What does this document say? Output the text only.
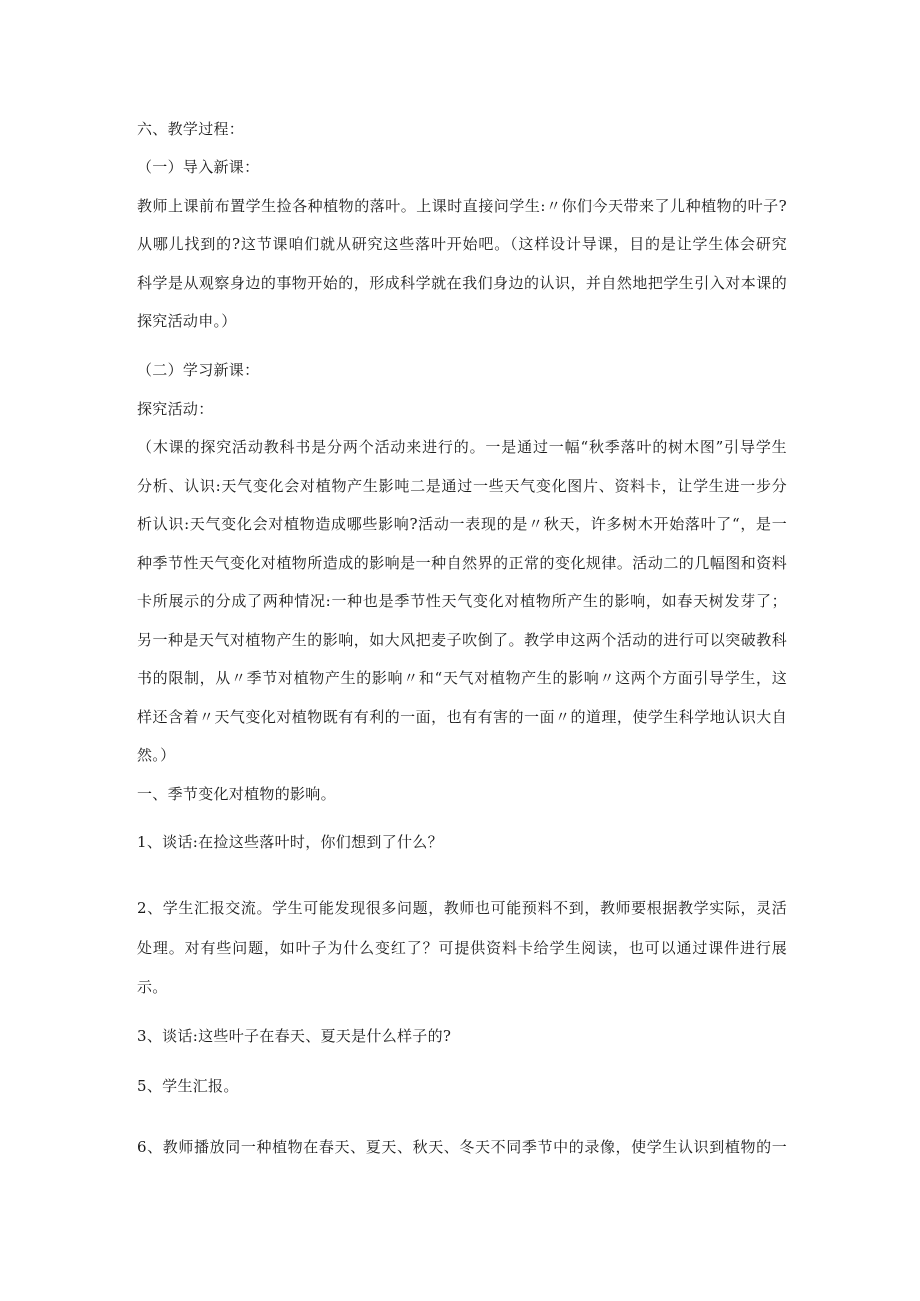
六、教学过程：
（一）导入新课：
教师上课前布置学生捡各种植物的落叶。上课时直接问学生:〃你们今天带来了儿种植物的叶子?
从哪儿找到的?这节课咱们就从研究这些落叶开始吧。（这样设计导课，目的是让学生体会研究
科学是从观察身边的事物开始的，形成科学就在我们身边的认识，并自然地把学生引入对本课的
探究活动申。）
（二）学习新课：
探究活动：
（木课的探究活动教科书是分两个活动来进行的。一是通过一幅“秋季落叶的树木图”引导学生
分析、认识:天气变化会对植物产生影吨二是通过一些天气变化图片、资料卡，让学生进一步分
析认识:天气变化会对植物造成哪些影响?活动一表现的是〃秋天，许多树木开始落叶了“，是一
种季节性天气变化对植物所造成的影响是一种自然界的正常的变化规律。活动二的几幅图和资料
卡所展示的分成了两种情况:一种也是季节性天气变化对植物所产生的影响，如春天树发芽了；
另一种是天气对植物产生的影响，如大风把麦子吹倒了。教学申这两个活动的进行可以突破教科
书的限制，从〃季节对植物产生的影响〃和“天气对植物产生的影响〃这两个方面引导学生，这
样还含着〃天气变化对植物既有有利的一面，也有有害的一面〃的道理，使学生科学地认识大自
然。）
一、季节变化对植物的影响。
1、谈话:在捡这些落叶时，你们想到了什么？
2、学生汇报交流。学生可能发现很多问题，教师也可能预料不到，教师要根据教学实际，灵活
处理。对有些问题，如叶子为什么变红了？可提供资料卡给学生阅读，也可以通过课件进行展
示。
3、谈话:这些叶子在春天、夏天是什么样子的?
5、学生汇报。
6、教师播放同一种植物在春天、夏天、秋天、冬天不同季节中的录像，使学生认识到植物的一
